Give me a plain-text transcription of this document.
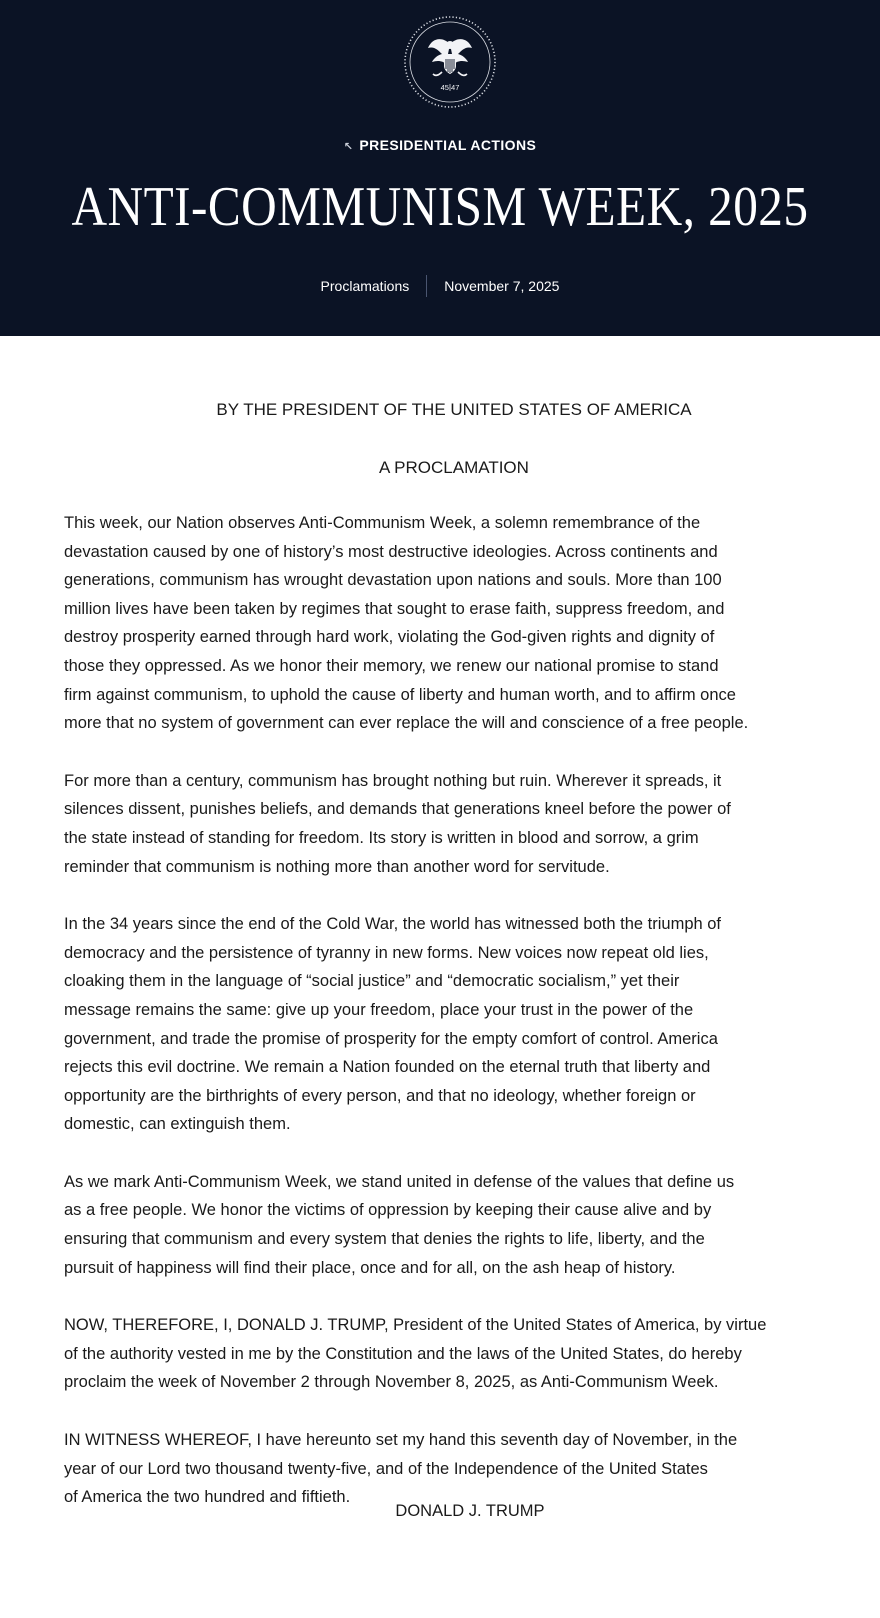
45 47
↖ PRESIDENTIAL ACTIONS
ANTI-COMMUNISM WEEK, 2025
Proclamations	November 7, 2025

BY THE PRESIDENT OF THE UNITED STATES OF AMERICA

A PROCLAMATION

This week, our Nation observes Anti-Communism Week, a solemn remembrance of the
devastation caused by one of history’s most destructive ideologies. Across continents and
generations, communism has wrought devastation upon nations and souls. More than 100
million lives have been taken by regimes that sought to erase faith, suppress freedom, and
destroy prosperity earned through hard work, violating the God-given rights and dignity of
those they oppressed. As we honor their memory, we renew our national promise to stand
firm against communism, to uphold the cause of liberty and human worth, and to affirm once
more that no system of government can ever replace the will and conscience of a free people.

For more than a century, communism has brought nothing but ruin. Wherever it spreads, it
silences dissent, punishes beliefs, and demands that generations kneel before the power of
the state instead of standing for freedom. Its story is written in blood and sorrow, a grim
reminder that communism is nothing more than another word for servitude.

In the 34 years since the end of the Cold War, the world has witnessed both the triumph of
democracy and the persistence of tyranny in new forms. New voices now repeat old lies,
cloaking them in the language of “social justice” and “democratic socialism,” yet their
message remains the same: give up your freedom, place your trust in the power of the
government, and trade the promise of prosperity for the empty comfort of control. America
rejects this evil doctrine. We remain a Nation founded on the eternal truth that liberty and
opportunity are the birthrights of every person, and that no ideology, whether foreign or
domestic, can extinguish them.

As we mark Anti-Communism Week, we stand united in defense of the values that define us
as a free people. We honor the victims of oppression by keeping their cause alive and by
ensuring that communism and every system that denies the rights to life, liberty, and the
pursuit of happiness will find their place, once and for all, on the ash heap of history.

NOW, THEREFORE, I, DONALD J. TRUMP, President of the United States of America, by virtue
of the authority vested in me by the Constitution and the laws of the United States, do hereby
proclaim the week of November 2 through November 8, 2025, as Anti-Communism Week.

IN WITNESS WHEREOF, I have hereunto set my hand this seventh day of November, in the
year of our Lord two thousand twenty-five, and of the Independence of the United States
of America the two hundred and fiftieth.

DONALD J. TRUMP
